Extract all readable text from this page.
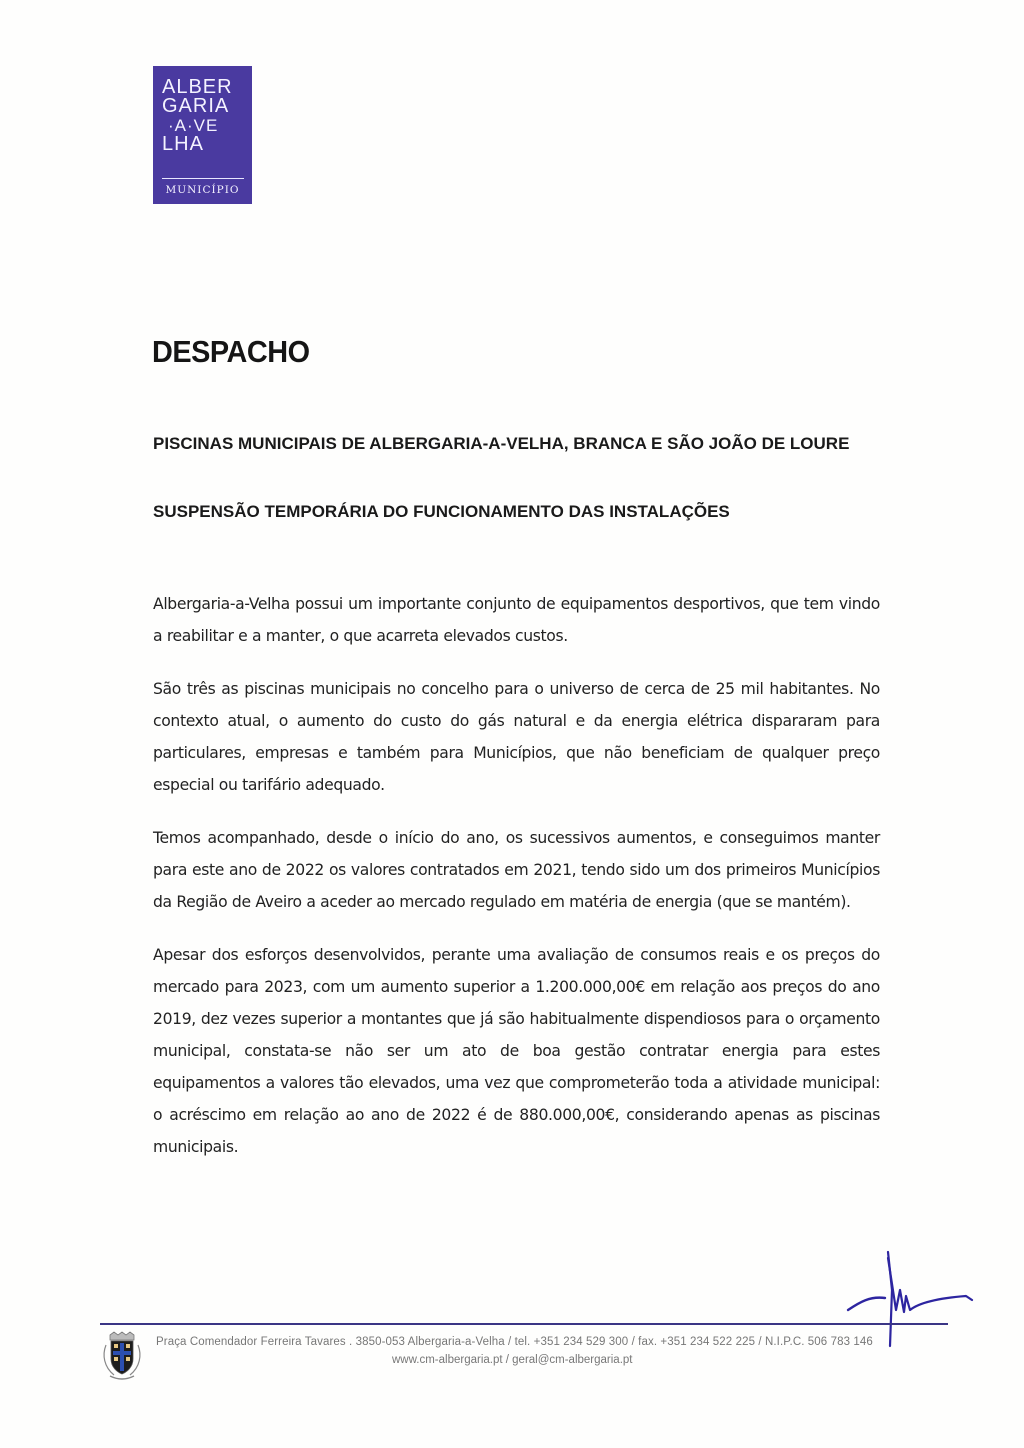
ALBER
GARIA
·A·VE
LHA
MUNICÍPIO
DESPACHO
PISCINAS MUNICIPAIS DE ALBERGARIA-A-VELHA, BRANCA E SÃO JOÃO DE LOURE
SUSPENSÃO TEMPORÁRIA DO FUNCIONAMENTO DAS INSTALAÇÕES

Albergaria-a-Velha possui um importante conjunto de equipamentos desportivos, que tem vindo a reabilitar e a manter, o que acarreta elevados custos.

São três as piscinas municipais no concelho para o universo de cerca de 25 mil habitantes. No contexto atual, o aumento do custo do gás natural e da energia elétrica dispararam para particulares, empresas e também para Municípios, que não beneficiam de qualquer preço especial ou tarifário adequado.

Temos acompanhado, desde o início do ano, os sucessivos aumentos, e conseguimos manter para este ano de 2022 os valores contratados em 2021, tendo sido um dos primeiros Municípios da Região de Aveiro a aceder ao mercado regulado em matéria de energia (que se mantém).

Apesar dos esforços desenvolvidos, perante uma avaliação de consumos reais e os preços do mercado para 2023, com um aumento superior a 1.200.000,00€ em relação aos preços do ano 2019, dez vezes superior a montantes que já são habitualmente dispendiosos para o orçamento municipal, constata-se não ser um ato de boa gestão contratar energia para estes equipamentos a valores tão elevados, uma vez que comprometerão toda a atividade municipal: o acréscimo em relação ao ano de 2022 é de 880.000,00€, considerando apenas as piscinas municipais.

Praça Comendador Ferreira Tavares . 3850-053 Albergaria-a-Velha / tel. +351 234 529 300 / fax. +351 234 522 225 / N.I.P.C. 506 783 146
www.cm-albergaria.pt / geral@cm-albergaria.pt
